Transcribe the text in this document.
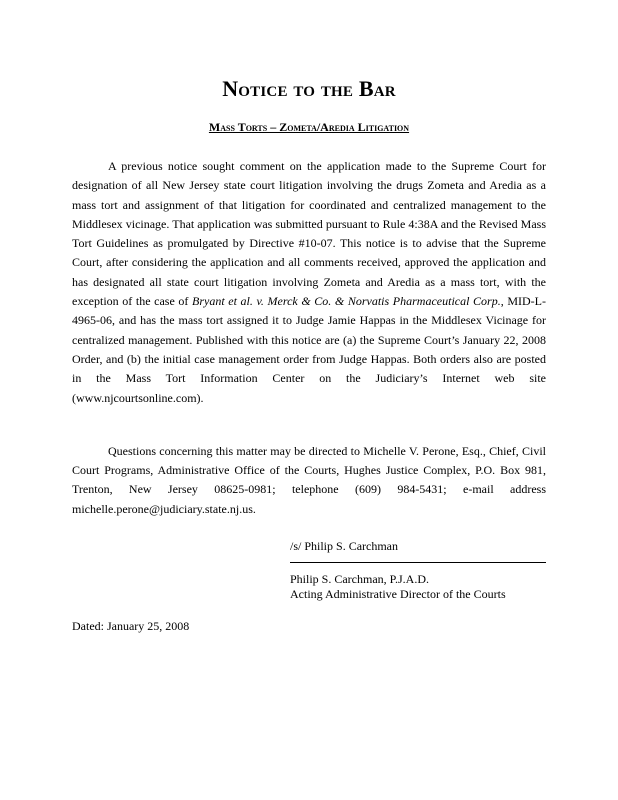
Notice to the Bar
Mass Torts – Zometa/Aredia Litigation

A previous notice sought comment on the application made to the Supreme Court for designation of all New Jersey state court litigation involving the drugs Zometa and Aredia as a mass tort and assignment of that litigation for coordinated and centralized management to the Middlesex vicinage. That application was submitted pursuant to Rule 4:38A and the Revised Mass Tort Guidelines as promulgated by Directive #10-07. This notice is to advise that the Supreme Court, after considering the application and all comments received, approved the application and has designated all state court litigation involving Zometa and Aredia as a mass tort, with the exception of the case of Bryant et al. v. Merck & Co. & Norvatis Pharmaceutical Corp., MID-L-4965-06, and has the mass tort assigned it to Judge Jamie Happas in the Middlesex Vicinage for centralized management. Published with this notice are (a) the Supreme Court’s January 22, 2008 Order, and (b) the initial case management order from Judge Happas. Both orders also are posted in the Mass Tort Information Center on the Judiciary’s Internet web site (www.njcourtsonline.com).

Questions concerning this matter may be directed to Michelle V. Perone, Esq., Chief, Civil Court Programs, Administrative Office of the Courts, Hughes Justice Complex, P.O. Box 981, Trenton, New Jersey 08625-0981; telephone (609) 984-5431; e-mail address michelle.perone@judiciary.state.nj.us.

/s/ Philip S. Carchman
Philip S. Carchman, P.J.A.D.
Acting Administrative Director of the Courts
Dated: January 25, 2008
